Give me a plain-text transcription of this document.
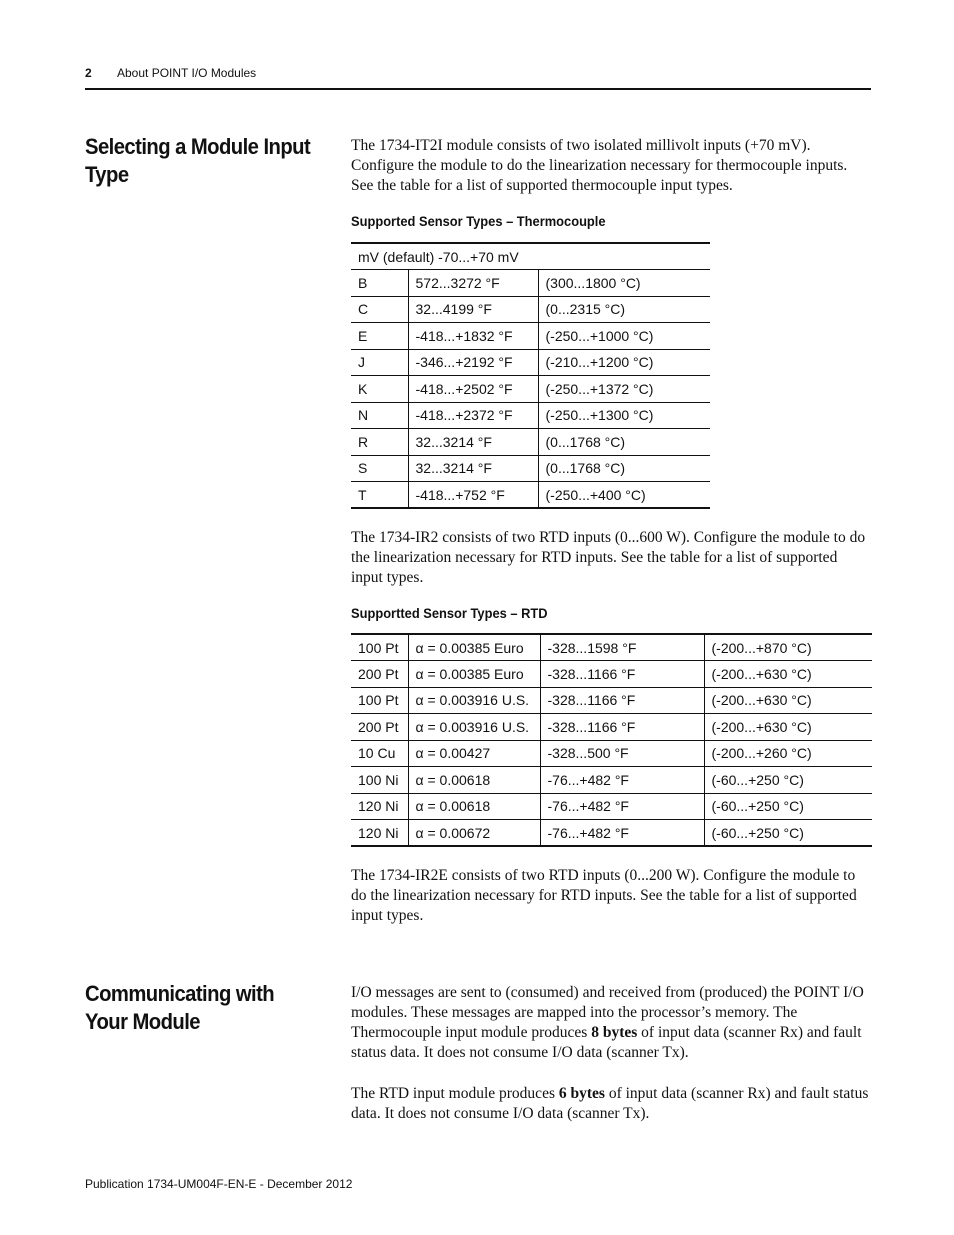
2 About POINT I/O Modules
Selecting a Module Input Type
The 1734-IT2I module consists of two isolated millivolt inputs (+70 mV). Configure the module to do the linearization necessary for thermocouple inputs. See the table for a list of supported thermocouple input types.
Supported Sensor Types – Thermocouple
mV (default) -70...+70 mV		
B	572...3272 °F	(300...1800 °C)
C	32...4199 °F	(0...2315 °C)
E	-418...+1832 °F	(-250...+1000 °C)
J	-346...+2192 °F	(-210...+1200 °C)
K	-418...+2502 °F	(-250...+1372 °C)
N	-418...+2372 °F	(-250...+1300 °C)
R	32...3214 °F	(0...1768 °C)
S	32...3214 °F	(0...1768 °C)
T	-418...+752 °F	(-250...+400 °C)
The 1734-IR2 consists of two RTD inputs (0...600 W). Configure the module to do the linearization necessary for RTD inputs. See the table for a list of supported input types.
Supportted Sensor Types – RTD
100 Pt	α = 0.00385 Euro	-328...1598 °F	(-200...+870 °C)
200 Pt	α = 0.00385 Euro	-328...1166 °F	(-200...+630 °C)
100 Pt	α = 0.003916 U.S.	-328...1166 °F	(-200...+630 °C)
200 Pt	α = 0.003916 U.S.	-328...1166 °F	(-200...+630 °C)
10 Cu	α = 0.00427	-328...500 °F	(-200...+260 °C)
100 Ni	α = 0.00618	-76...+482 °F	(-60...+250 °C)
120 Ni	α = 0.00618	-76...+482 °F	(-60...+250 °C)
120 Ni	α = 0.00672	-76...+482 °F	(-60...+250 °C)
The 1734-IR2E consists of two RTD inputs (0...200 W). Configure the module to do the linearization necessary for RTD inputs. See the table for a list of supported input types.
Communicating with Your Module
I/O messages are sent to (consumed) and received from (produced) the POINT I/O modules. These messages are mapped into the processor’s memory. The Thermocouple input module produces 8 bytes of input data (scanner Rx) and fault status data. It does not consume I/O data (scanner Tx).
The RTD input module produces 6 bytes of input data (scanner Rx) and fault status data. It does not consume I/O data (scanner Tx).
Publication 1734-UM004F-EN-E - December 2012
